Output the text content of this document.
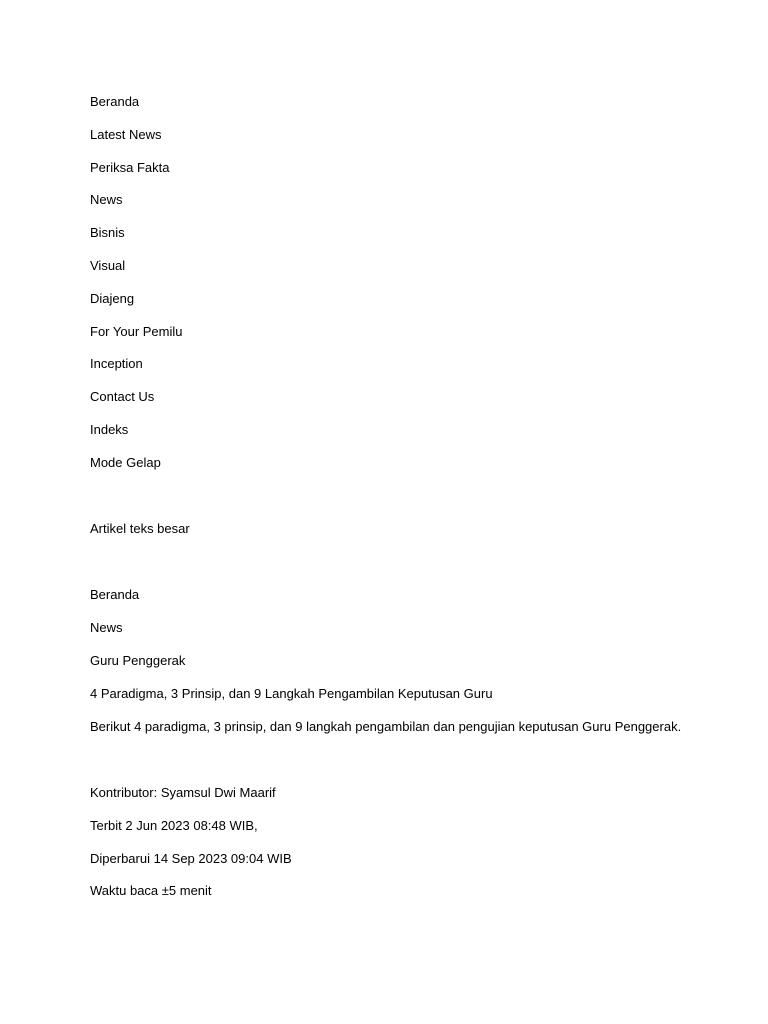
Beranda
Latest News
Periksa Fakta
News
Bisnis
Visual
Diajeng
For Your Pemilu
Inception
Contact Us
Indeks
Mode Gelap
Artikel teks besar
Beranda
News
Guru Penggerak
4 Paradigma, 3 Prinsip, dan 9 Langkah Pengambilan Keputusan Guru
Berikut 4 paradigma, 3 prinsip, dan 9 langkah pengambilan dan pengujian keputusan Guru Penggerak.
Kontributor: Syamsul Dwi Maarif
Terbit 2 Jun 2023 08:48 WIB,
Diperbarui 14 Sep 2023 09:04 WIB
Waktu baca ±5 menit
